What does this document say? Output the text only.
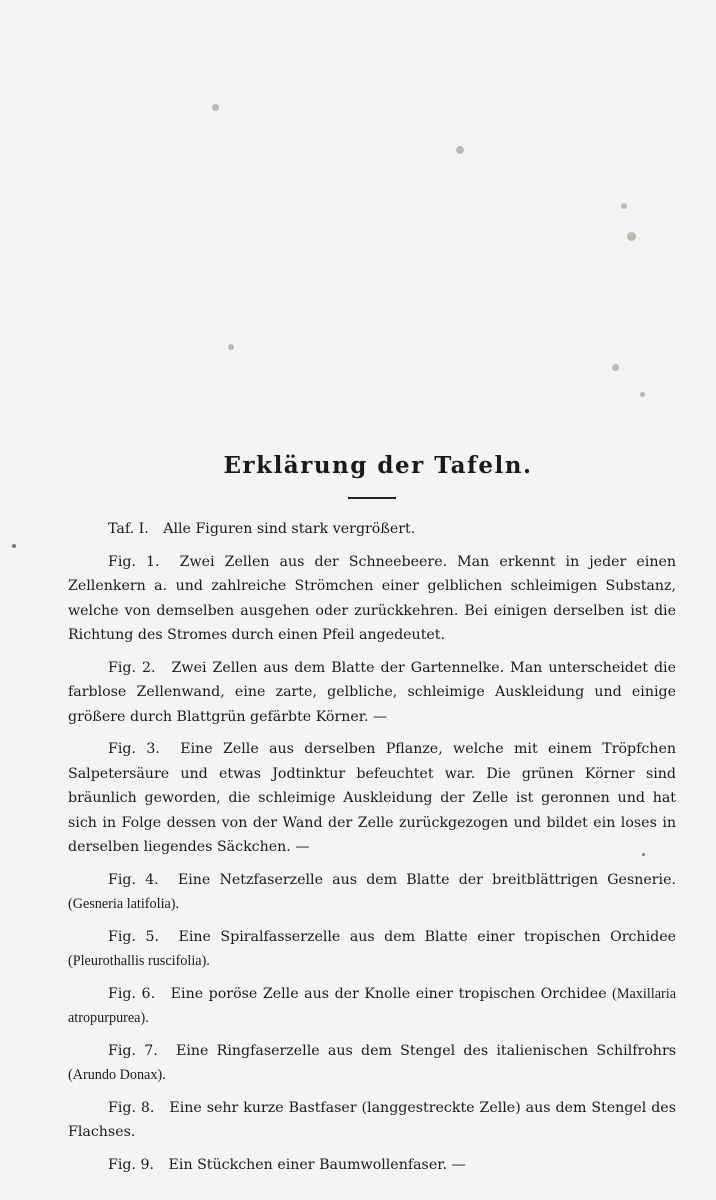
Erklärung der Tafeln.

Taf. I. Alle Figuren sind stark vergrößert.

Fig. 1. Zwei Zellen aus der Schneebeere. Man erkennt in jeder einen Zellenkern a. und zahlreiche Strömchen einer gelblichen schleimigen Substanz, welche von demselben ausgehen oder zurückkehren. Bei einigen derselben ist die Richtung des Stromes durch einen Pfeil angedeutet.

Fig. 2. Zwei Zellen aus dem Blatte der Gartennelke. Man unterscheidet die farblose Zellenwand, eine zarte, gelbliche, schleimige Auskleidung und einige größere durch Blattgrün gefärbte Körner. —

Fig. 3. Eine Zelle aus derselben Pflanze, welche mit einem Tröpfchen Salpetersäure und etwas Jodtinktur befeuchtet war. Die grünen Körner sind bräunlich geworden, die schleimige Auskleidung der Zelle ist geronnen und hat sich in Folge dessen von der Wand der Zelle zurückgezogen und bildet ein loses in derselben liegendes Säckchen. —

Fig. 4. Eine Netzfaserzelle aus dem Blatte der breitblättrigen Gesnerie. (Gesneria latifolia).

Fig. 5. Eine Spiralfasserzelle aus dem Blatte einer tropischen Orchidee (Pleurothallis ruscifolia).

Fig. 6. Eine poröse Zelle aus der Knolle einer tropischen Orchidee (Maxillaria atropurpurea).

Fig. 7. Eine Ringfaserzelle aus dem Stengel des italienischen Schilfrohrs (Arundo Donax).

Fig. 8. Eine sehr kurze Bastfaser (langgestreckte Zelle) aus dem Stengel des Flachses.

Fig. 9. Ein Stückchen einer Baumwollenfaser. —
